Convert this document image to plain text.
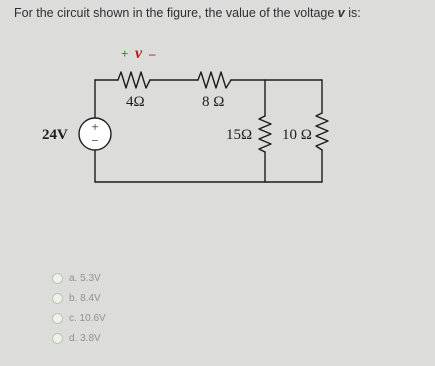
For the circuit shown in the figure, the value of the voltage v is:
+
−
24V
+ v –
4Ω	8 Ω
15Ω 10 Ω
a. 5.3V
b. 8.4V
c. 10.6V
d. 3.8V
